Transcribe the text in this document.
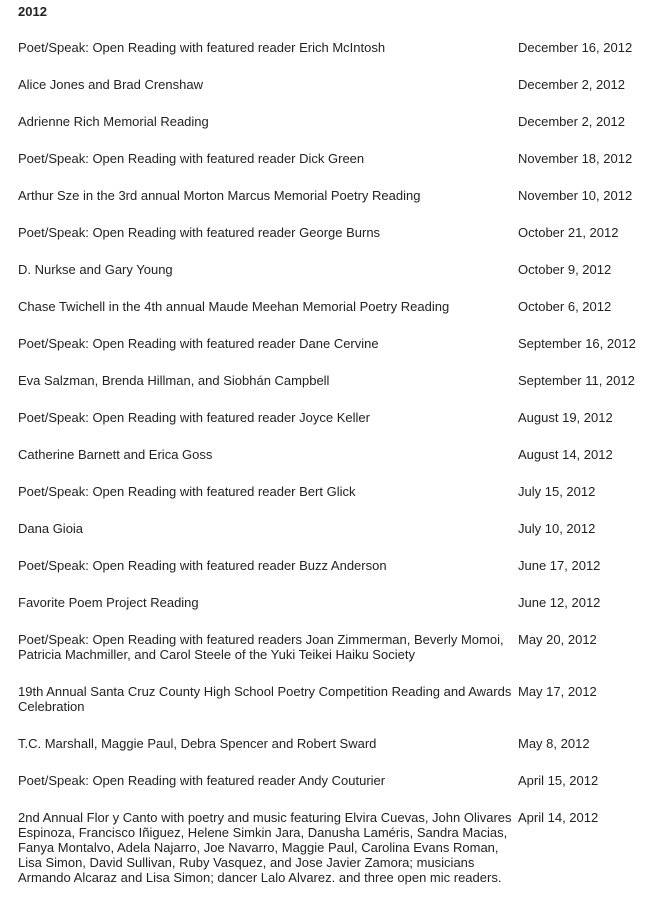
2012
Poet/Speak: Open Reading with featured reader Erich McIntosh	December 16, 2012
Alice Jones and Brad Crenshaw	December 2, 2012
Adrienne Rich Memorial Reading	December 2, 2012
Poet/Speak: Open Reading with featured reader Dick Green	November 18, 2012
Arthur Sze in the 3rd annual Morton Marcus Memorial Poetry Reading	November 10, 2012
Poet/Speak: Open Reading with featured reader George Burns	October 21, 2012
D. Nurkse and Gary Young	October 9, 2012
Chase Twichell in the 4th annual Maude Meehan Memorial Poetry Reading	October 6, 2012
Poet/Speak: Open Reading with featured reader Dane Cervine	September 16, 2012
Eva Salzman, Brenda Hillman, and Siobhán Campbell	September 11, 2012
Poet/Speak: Open Reading with featured reader Joyce Keller	August 19, 2012
Catherine Barnett and Erica Goss	August 14, 2012
Poet/Speak: Open Reading with featured reader Bert Glick	July 15, 2012
Dana Gioia	July 10, 2012
Poet/Speak: Open Reading with featured reader Buzz Anderson	June 17, 2012
Favorite Poem Project Reading	June 12, 2012
Poet/Speak: Open Reading with featured readers Joan Zimmerman, Beverly Momoi, Patricia Machmiller, and Carol Steele of the Yuki Teikei Haiku Society	May 20, 2012
19th Annual Santa Cruz County High School Poetry Competition Reading and Awards Celebration	May 17, 2012
T.C. Marshall, Maggie Paul, Debra Spencer and Robert Sward	May 8, 2012
Poet/Speak: Open Reading with featured reader Andy Couturier	April 15, 2012
2nd Annual Flor y Canto with poetry and music featuring Elvira Cuevas, John Olivares Espinoza, Francisco Iñiguez, Helene Simkin Jara, Danusha Laméris, Sandra Macias, Fanya Montalvo, Adela Najarro, Joe Navarro, Maggie Paul, Carolina Evans Roman, Lisa Simon, David Sullivan, Ruby Vasquez, and Jose Javier Zamora; musicians Armando Alcaraz and Lisa Simon; dancer Lalo Alvarez. and three open mic readers.	April 14, 2012
